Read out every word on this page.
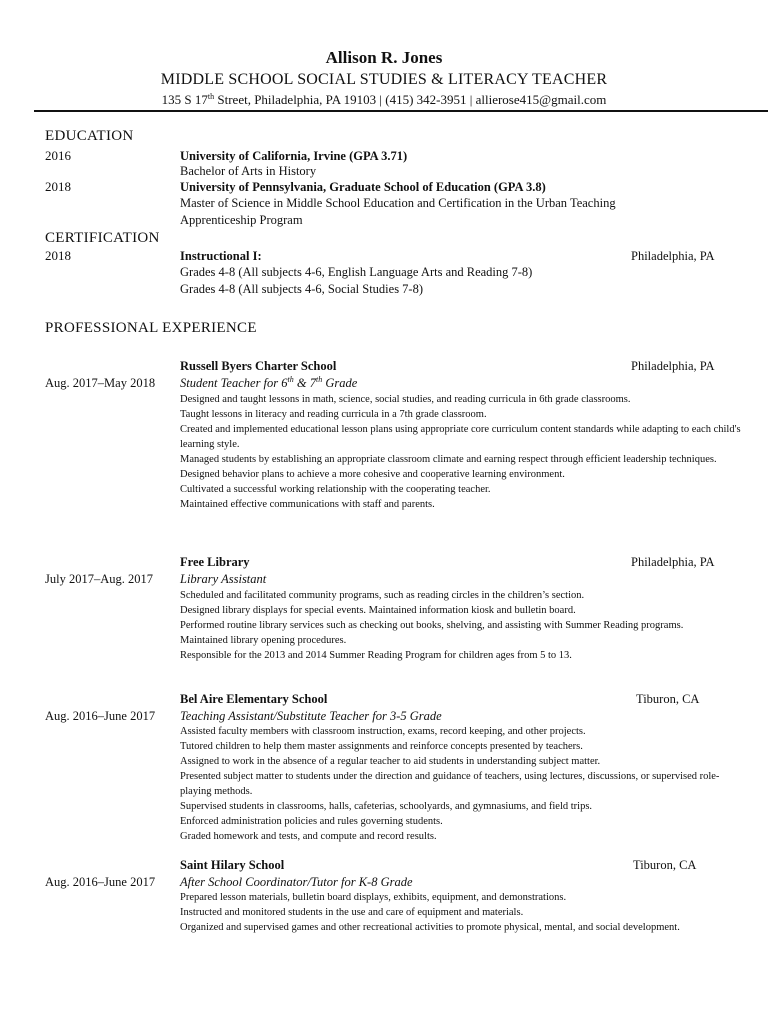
Allison R. Jones
MIDDLE SCHOOL SOCIAL STUDIES & LITERACY TEACHER
135 S 17th Street, Philadelphia, PA 19103 | (415) 342-3951 | allierose415@gmail.com
EDUCATION
2016	University of California, Irvine (GPA 3.71)
Bachelor of Arts in History
2018	University of Pennsylvania, Graduate School of Education (GPA 3.8)
Master of Science in Middle School Education and Certification in the Urban Teaching
Apprenticeship Program
CERTIFICATION
2018	Instructional I:	Philadelphia, PA
Grades 4-8 (All subjects 4-6, English Language Arts and Reading 7-8)
Grades 4-8 (All subjects 4-6, Social Studies 7-8)
PROFESSIONAL EXPERIENCE
Russell Byers Charter School	Philadelphia, PA
Aug. 2017–May 2018 Student Teacher for 6th & 7th Grade
Designed and taught lessons in math, science, social studies, and reading curricula in 6th grade classrooms.
Taught lessons in literacy and reading curricula in a 7th grade classroom.
Created and implemented educational lesson plans using appropriate core curriculum content standards while adapting to each child's learning style.
Managed students by establishing an appropriate classroom climate and earning respect through efficient leadership techniques.
Designed behavior plans to achieve a more cohesive and cooperative learning environment.
Cultivated a successful working relationship with the cooperating teacher.
Maintained effective communications with staff and parents.
Free Library	Philadelphia, PA
July 2017–Aug. 2017 Library Assistant
Scheduled and facilitated community programs, such as reading circles in the children’s section.
Designed library displays for special events. Maintained information kiosk and bulletin board.
Performed routine library services such as checking out books, shelving, and assisting with Summer Reading programs.
Maintained library opening procedures.
Responsible for the 2013 and 2014 Summer Reading Program for children ages from 5 to 13.
Bel Aire Elementary School	Tiburon, CA
Aug. 2016–June 2017 Teaching Assistant/Substitute Teacher for 3-5 Grade
Assisted faculty members with classroom instruction, exams, record keeping, and other projects.
Tutored children to help them master assignments and reinforce concepts presented by teachers.
Assigned to work in the absence of a regular teacher to aid students in understanding subject matter.
Presented subject matter to students under the direction and guidance of teachers, using lectures, discussions, or supervised role-playing methods.
Supervised students in classrooms, halls, cafeterias, schoolyards, and gymnasiums, and field trips.
Enforced administration policies and rules governing students.
Graded homework and tests, and compute and record results.
Saint Hilary School	Tiburon, CA
Aug. 2016–June 2017 After School Coordinator/Tutor for K-8 Grade
Prepared lesson materials, bulletin board displays, exhibits, equipment, and demonstrations.
Instructed and monitored students in the use and care of equipment and materials.
Organized and supervised games and other recreational activities to promote physical, mental, and social development.
